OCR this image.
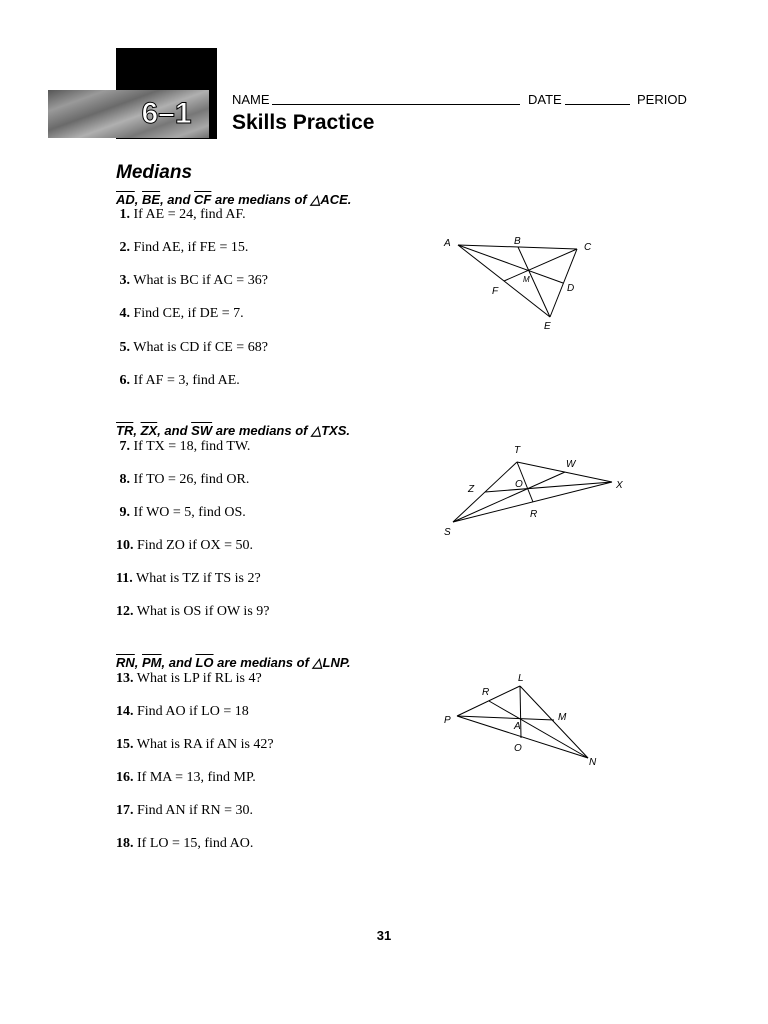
6–1	NAME	DATE	PERIOD
Skills Practice
Medians
$\overline{AD}$, $\overline{BE}$, and $\overline{CF}$ are medians of △ACE.
1. If AE = 24, find AF.
2. Find AE, if FE = 15.
3. What is BC if AC = 36?
4. Find CE, if DE = 7.
5. What is CD if CE = 68?
6. If AF = 3, find AE.
A	B
C
M
F	D
E
$\overline{TR}$, $\overline{ZX}$, and $\overline{SW}$ are medians of △TXS.
7. If TX = 18, find TW.
8. If TO = 26, find OR.
9. If WO = 5, find OS.
10. Find ZO if OX = 50.
11. What is TZ if TS is 2?
12. What is OS if OW is 9?
T
W
Z	O	X
R
S
$\overline{RN}$, $\overline{PM}$, and $\overline{LO}$ are medians of △LNP.
13. What is LP if RL is 4?
14. Find AO if LO = 18
15. What is RA if AN is 42?
16. If MA = 13, find MP.
17. Find AN if RN = 30.
18. If LO = 15, find AO.
L
R
P
A
M
O
N
31
